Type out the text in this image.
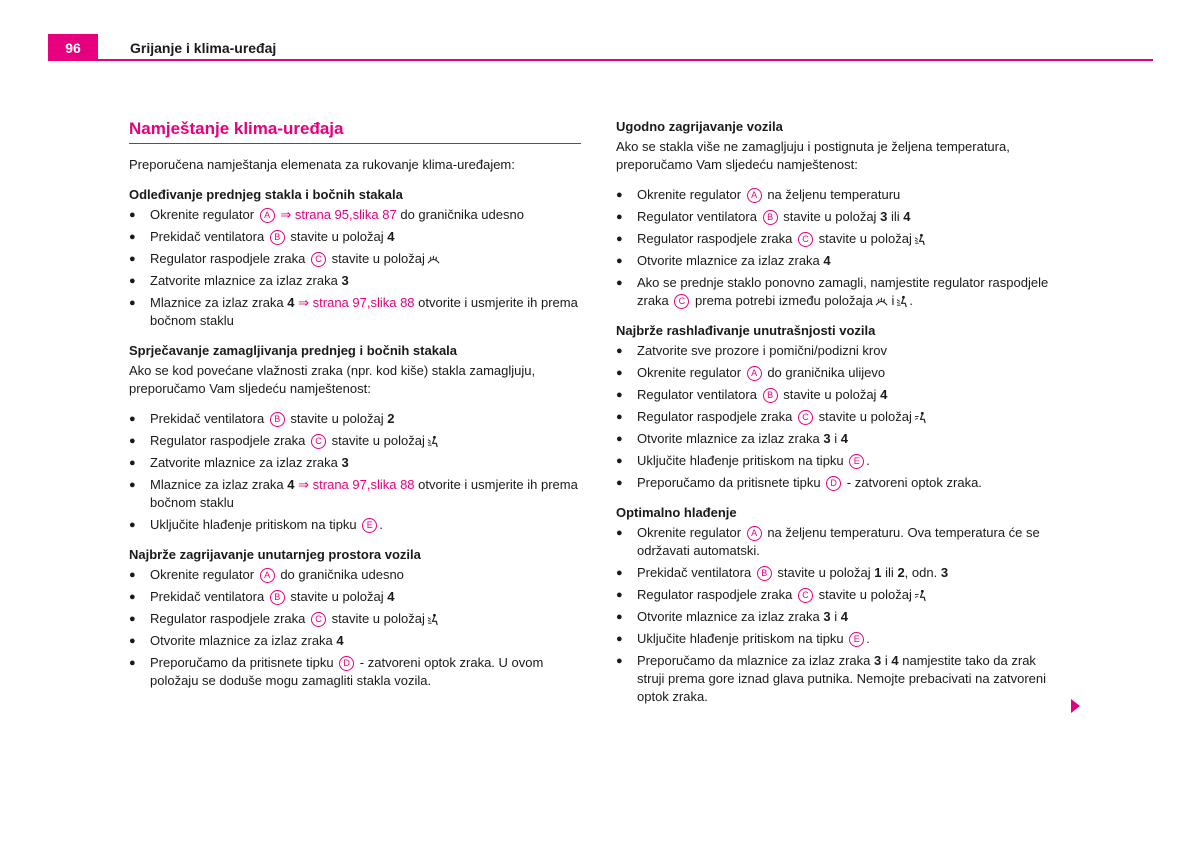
96	Grijanje i klima-uređaj
Namještanje klima-uređaja

Preporučena namještanja elemenata za rukovanje klima-uređajem:

Odleđivanje prednjeg stakla i bočnih stakala
● Okrenite regulator A ⇒ strana 95,slika 87 do graničnika udesno
● Prekidač ventilatora B stavite u položaj 4
● Regulator raspodjele zraka C stavite u položaj
● Zatvorite mlaznice za izlaz zraka 3
● Mlaznice za izlaz zraka 4 ⇒ strana 97,slika 88 otvorite i usmjerite ih prema bočnom staklu
Sprječavanje zamagljivanja prednjeg i bočnih stakala

Ako se kod povećane vlažnosti zraka (npr. kod kiše) stakla zamagljuju, preporučamo Vam sljedeću namještenost:

● Prekidač ventilatora B stavite u položaj 2
● Regulator raspodjele zraka C stavite u položaj
● Zatvorite mlaznice za izlaz zraka 3
● Mlaznice za izlaz zraka 4 ⇒ strana 97,slika 88 otvorite i usmjerite ih prema bočnom staklu
● Uključite hlađenje pritiskom na tipku E .
Najbrže zagrijavanje unutarnjeg prostora vozila
● Okrenite regulator A do graničnika udesno
● Prekidač ventilatora B stavite u položaj 4
● Regulator raspodjele zraka C stavite u položaj
● Otvorite mlaznice za izlaz zraka 4
● Preporučamo da pritisnete tipku D - zatvoreni optok zraka. U ovom položaju se doduše mogu zamagliti stakla vozila.
Ugodno zagrijavanje vozila

Ako se stakla više ne zamagljuju i postignuta je željena temperatura, preporučamo Vam sljedeću namještenost:

● Okrenite regulator A na željenu temperaturu
● Regulator ventilatora B stavite u položaj 3 ili 4
● Regulator raspodjele zraka C stavite u položaj
● Otvorite mlaznice za izlaz zraka 4
● Ako se prednje staklo ponovno zamagli, namjestite regulator raspodjele zraka C prema potrebi između položaja i .
Najbrže rashlađivanje unutrašnjosti vozila
● Zatvorite sve prozore i pomični/podizni krov
● Okrenite regulator A do graničnika ulijevo
● Regulator ventilatora B stavite u položaj 4
● Regulator raspodjele zraka C stavite u položaj
● Otvorite mlaznice za izlaz zraka 3 i 4
● Uključite hlađenje pritiskom na tipku E .
● Preporučamo da pritisnete tipku D - zatvoreni optok zraka.
Optimalno hlađenje
● Okrenite regulator A na željenu temperaturu. Ova temperatura će se održavati automatski.
● Prekidač ventilatora B stavite u položaj 1 ili 2, odn. 3
● Regulator raspodjele zraka C stavite u položaj
● Otvorite mlaznice za izlaz zraka 3 i 4
● Uključite hlađenje pritiskom na tipku E .
● Preporučamo da mlaznice za izlaz zraka 3 i 4 namjestite tako da zrak struji prema gore iznad glava putnika. Nemojte prebacivati na zatvoreni optok zraka.
